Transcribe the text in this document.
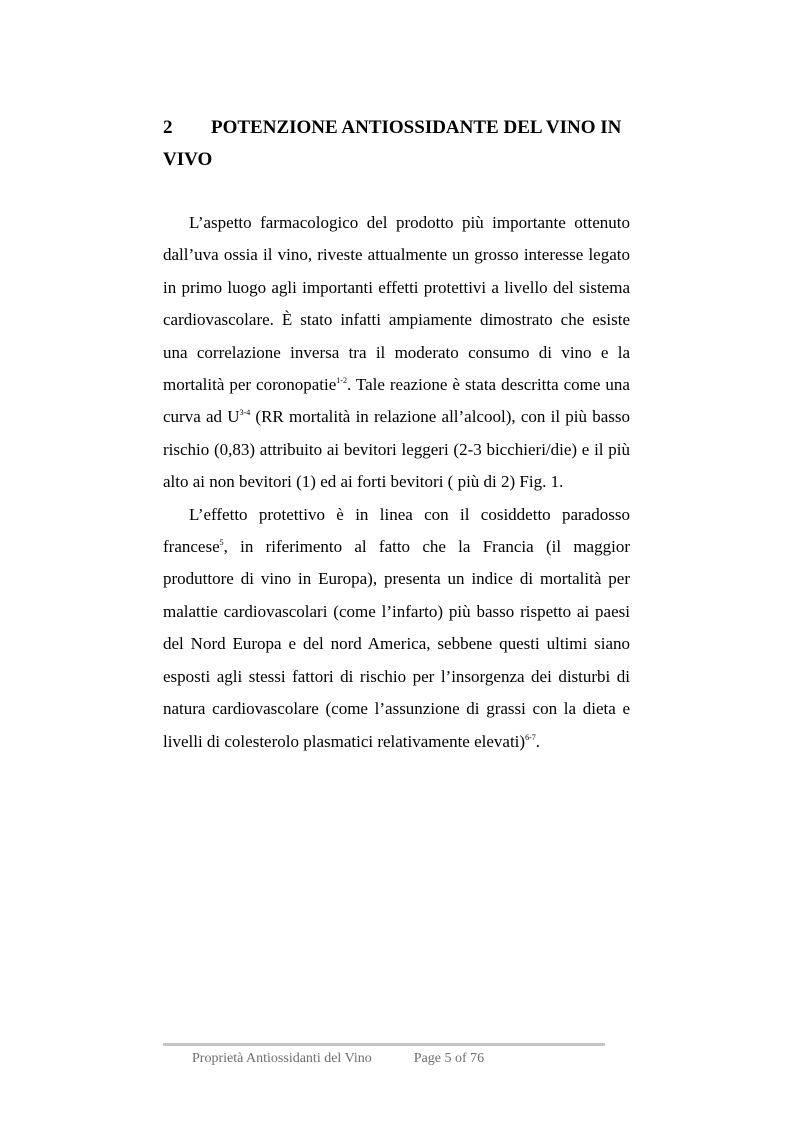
2 POTENZIONE ANTIOSSIDANTE DEL VINO IN VIVO

L’aspetto farmacologico del prodotto più importante ottenuto dall’uva ossia il vino, riveste attualmente un grosso interesse legato in primo luogo agli importanti effetti protettivi a livello del sistema cardiovascolare. È stato infatti ampiamente dimostrato che esiste una correlazione inversa tra il moderato consumo di vino e la mortalità per coronopatie$^{1-2}$. Tale reazione è stata descritta come una curva ad $U^{3-4}$ (RR mortalità in relazione all’alcool), con il più basso rischio (0,83) attribuito ai bevitori leggeri (2-3 bicchieri/die) e il più alto ai non bevitori (1) ed ai forti bevitori ( più di 2) Fig. 1.

L’effetto protettivo è in linea con il cosiddetto paradosso francese$^5$, in riferimento al fatto che la Francia (il maggior produttore di vino in Europa), presenta un indice di mortalità per malattie cardiovascolari (come l’infarto) più basso rispetto ai paesi del Nord Europa e del nord America, sebbene questi ultimi siano esposti agli stessi fattori di rischio per l’insorgenza dei disturbi di natura cardiovascolare (come l’assunzione di grassi con la dieta e livelli di colesterolo plasmatici relativamente elevati)$^{6-7}$.

Proprietà Antiossidanti del Vino	Page 5 of 76
